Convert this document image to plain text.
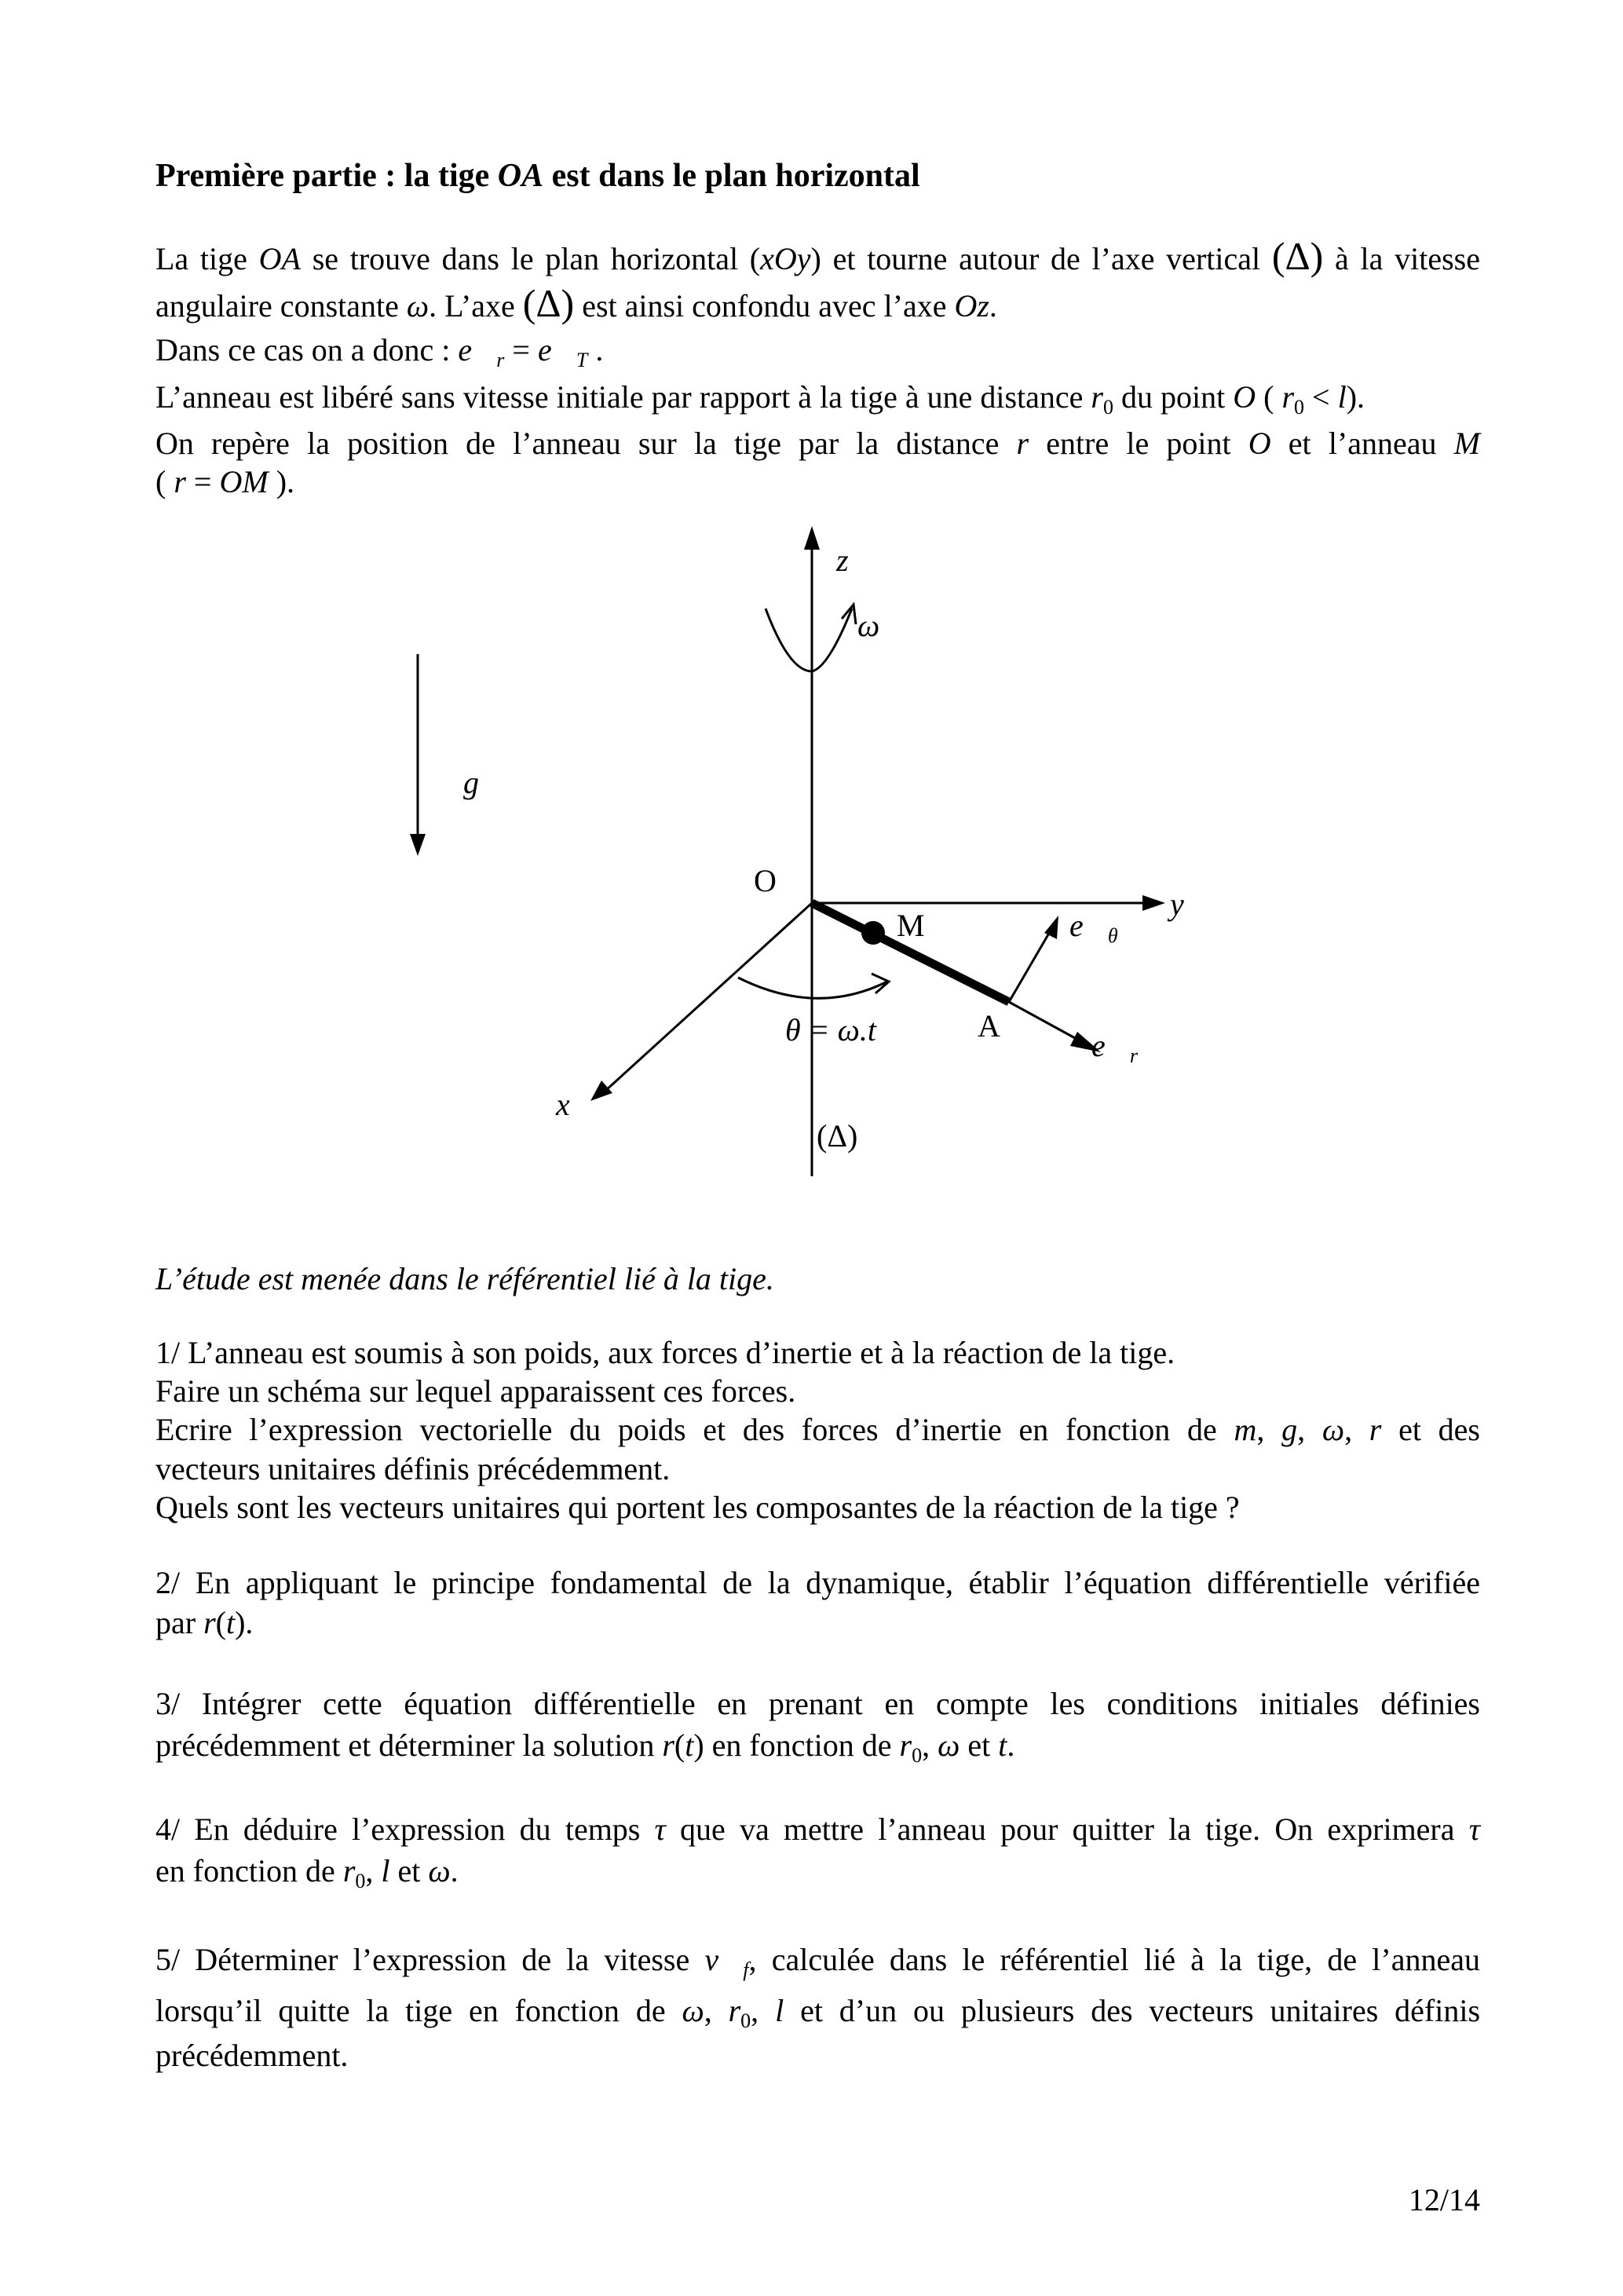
Première partie : la tige OA est dans le plan horizontal
La tige OA se trouve dans le plan horizontal (xOy) et tourne autour de l’axe vertical (Δ) à la vitesse
angulaire constante ω. L’axe (Δ) est ainsi confondu avec l’axe Oz.
Dans ce cas on a donc : $e⃗_r$ = $e⃗_T$ .
L’anneau est libéré sans vitesse initiale par rapport à la tige à une distance $r_0$ du point O ( $r_0 < l$).
On repère la position de l’anneau sur la tige par la distance r entre le point O et l’anneau M
( r = OM ).
L’étude est menée dans le référentiel lié à la tige.
1/ L’anneau est soumis à son poids, aux forces d’inertie et à la réaction de la tige.
Faire un schéma sur lequel apparaissent ces forces.
Ecrire l’expression vectorielle du poids et des forces d’inertie en fonction de m, g, ω, r et des
vecteurs unitaires définis précédemment.
Quels sont les vecteurs unitaires qui portent les composantes de la réaction de la tige ?
2/ En appliquant le principe fondamental de la dynamique, établir l’équation différentielle vérifiée
par r(t).
3/ Intégrer cette équation différentielle en prenant en compte les conditions initiales définies
précédemment et déterminer la solution r(t) en fonction de $r_0$, ω et t.
4/ En déduire l’expression du temps τ que va mettre l’anneau pour quitter la tige. On exprimera τ
en fonction de $r_0$, l et ω.
5/ Déterminer l’expression de la vitesse $v⃗_f$, calculée dans le référentiel lié à la tige, de l’anneau
lorsqu’il quitte la tige en fonction de ω, $r_0$, l et d’un ou plusieurs des vecteurs unitaires définis
précédemment.
z
ω
g⃗
O
M
y
$e⃗_\theta$
θ = ω.t	A
$e⃗_r$
x
(Δ)
12/14
